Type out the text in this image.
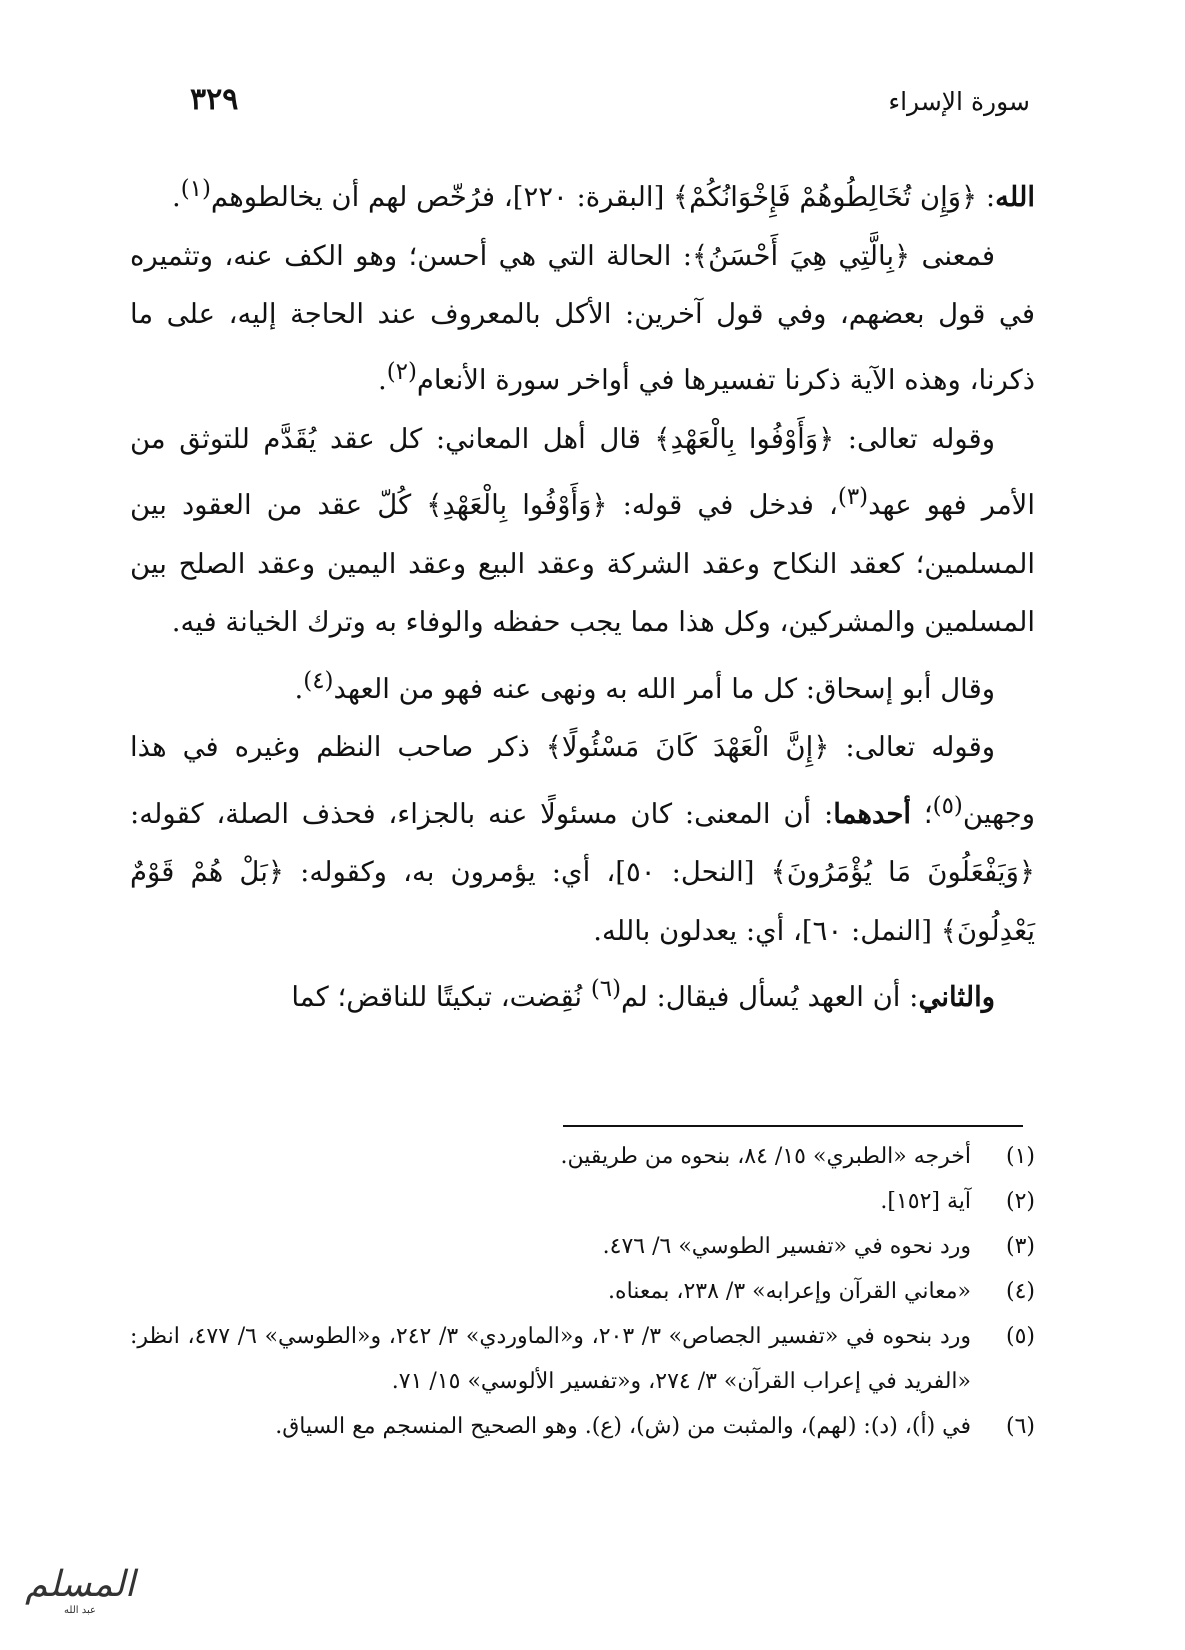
٣٢٩	سورة الإسراء

الله: ﴿وَإِن تُخَالِطُوهُمْ فَإِخْوَانُكُمْ﴾ [البقرة: ٢٢٠]، فرُخّص لهم أن يخالطوهم$^{(١)}$.

فمعنى ﴿بِالَّتِي هِيَ أَحْسَنُ﴾: الحالة التي هي أحسن؛ وهو الكف عنه، وتثميره في قول بعضهم، وفي قول آخرين: الأكل بالمعروف عند الحاجة إليه، على ما ذكرنا، وهذه الآية ذكرنا تفسيرها في أواخر سورة الأنعام$^{(٢)}$.

وقوله تعالى: ﴿وَأَوْفُوا بِالْعَهْدِ﴾ قال أهل المعاني: كل عقد يُقَدَّم للتوثق من الأمر فهو عهد$^{(٣)}$، فدخل في قوله: ﴿وَأَوْفُوا بِالْعَهْدِ﴾ كُلّ عقد من العقود بين المسلمين؛ كعقد النكاح وعقد الشركة وعقد البيع وعقد اليمين وعقد الصلح بين المسلمين والمشركين، وكل هذا مما يجب حفظه والوفاء به وترك الخيانة فيه.

وقال أبو إسحاق: كل ما أمر الله به ونهى عنه فهو من العهد$^{(٤)}$.

وقوله تعالى: ﴿إِنَّ الْعَهْدَ كَانَ مَسْئُولًا﴾ ذكر صاحب النظم وغيره في هذا وجهين$^{(٥)}$؛ أحدهما: أن المعنى: كان مسئولًا عنه بالجزاء، فحذف الصلة، كقوله: ﴿وَيَفْعَلُونَ مَا يُؤْمَرُونَ﴾ [النحل: ٥٠]، أي: يؤمرون به، وكقوله: ﴿بَلْ هُمْ قَوْمٌ يَعْدِلُونَ﴾ [النمل: ٦٠]، أي: يعدلون بالله.

والثاني: أن العهد يُسأل فيقال: لم$^{(٦)}$ نُقِضت، تبكيتًا للناقض؛ كما

(١)
أخرجه «الطبري» ١٥/ ٨٤، بنحوه من طريقين.
(٢)
آية [١٥٢].
(٣)
ورد نحوه في «تفسير الطوسي» ٦/ ٤٧٦.
(٤)
«معاني القرآن وإعرابه» ٣/ ٢٣٨، بمعناه.
(٥)
ورد بنحوه في «تفسير الجصاص» ٣/ ٢٠٣، و«الماوردي» ٣/ ٢٤٢، و«الطوسي» ٦/ ٤٧٧، انظر: «الفريد في إعراب القرآن» ٣/ ٢٧٤، و«تفسير الألوسي» ١٥/ ٧١.
(٦)
في (أ)، (د): (لهم)، والمثبت من (ش)، (ع). وهو الصحيح المنسجم مع السياق.
المسلم
عبد الله
